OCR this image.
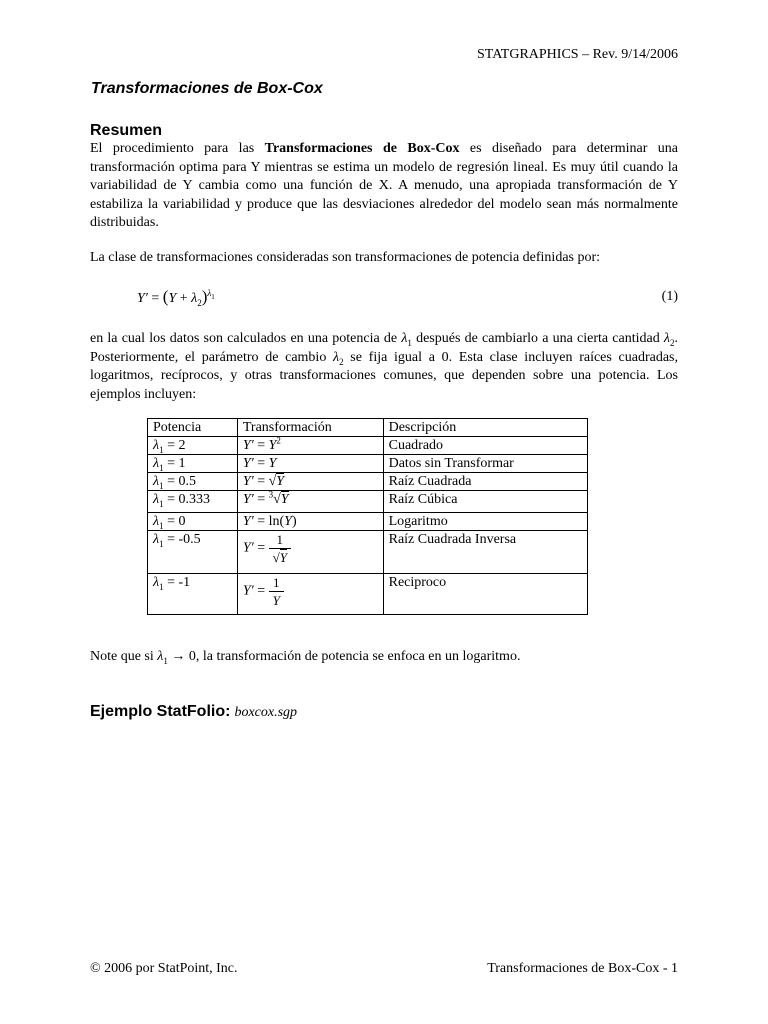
STATGRAPHICS – Rev. 9/14/2006
Transformaciones de Box-Cox
Resumen
El procedimiento para las Transformaciones de Box-Cox es diseñado para determinar una transformación optima para Y mientras se estima un modelo de regresión lineal. Es muy útil cuando la variabilidad de Y cambia como una función de X. A menudo, una apropiada transformación de Y estabiliza la variabilidad y produce que las desviaciones alrededor del modelo sean más normalmente distribuidas.
La clase de transformaciones consideradas son transformaciones de potencia definidas por:
$Y' = (Y + \lambda_2)^{\lambda_1}$	(1)
en la cual los datos son calculados en una potencia de $\lambda_1$ después de cambiarlo a una cierta cantidad $\lambda_2$. Posteriormente, el parámetro de cambio $\lambda_2$ se fija igual a 0. Esta clase incluyen raíces cuadradas, logaritmos, recíprocos, y otras transformaciones comunes, que dependen sobre una potencia. Los ejemplos incluyen:
Potencia	Transformación	Descripción
$\lambda_1 = 2$	$Y' = Y^2$	Cuadrado
$\lambda_1 = 1$	Y′ = Y	Datos sin Transformar
$\lambda_1 = 0.5$	Y′ = √Y	Raíz Cuadrada
$\lambda_1 = 0.333$	Y′ = $^3$√Y	Raíz Cúbica
$\lambda_1 = 0$	Y′ = ln(Y)	Logaritmo
$\lambda_1 = -0.5$	$Y' = \frac{1}{√Y}$	Raíz Cuadrada Inversa
$\lambda_1 = -1$	$Y' = \frac{1}{Y}$	Reciproco
Note que si $\lambda_1 \to 0$, la transformación de potencia se enfoca en un logaritmo.
Ejemplo StatFolio: boxcox.sgp
© 2006 por StatPoint, Inc.	Transformaciones de Box-Cox - 1
